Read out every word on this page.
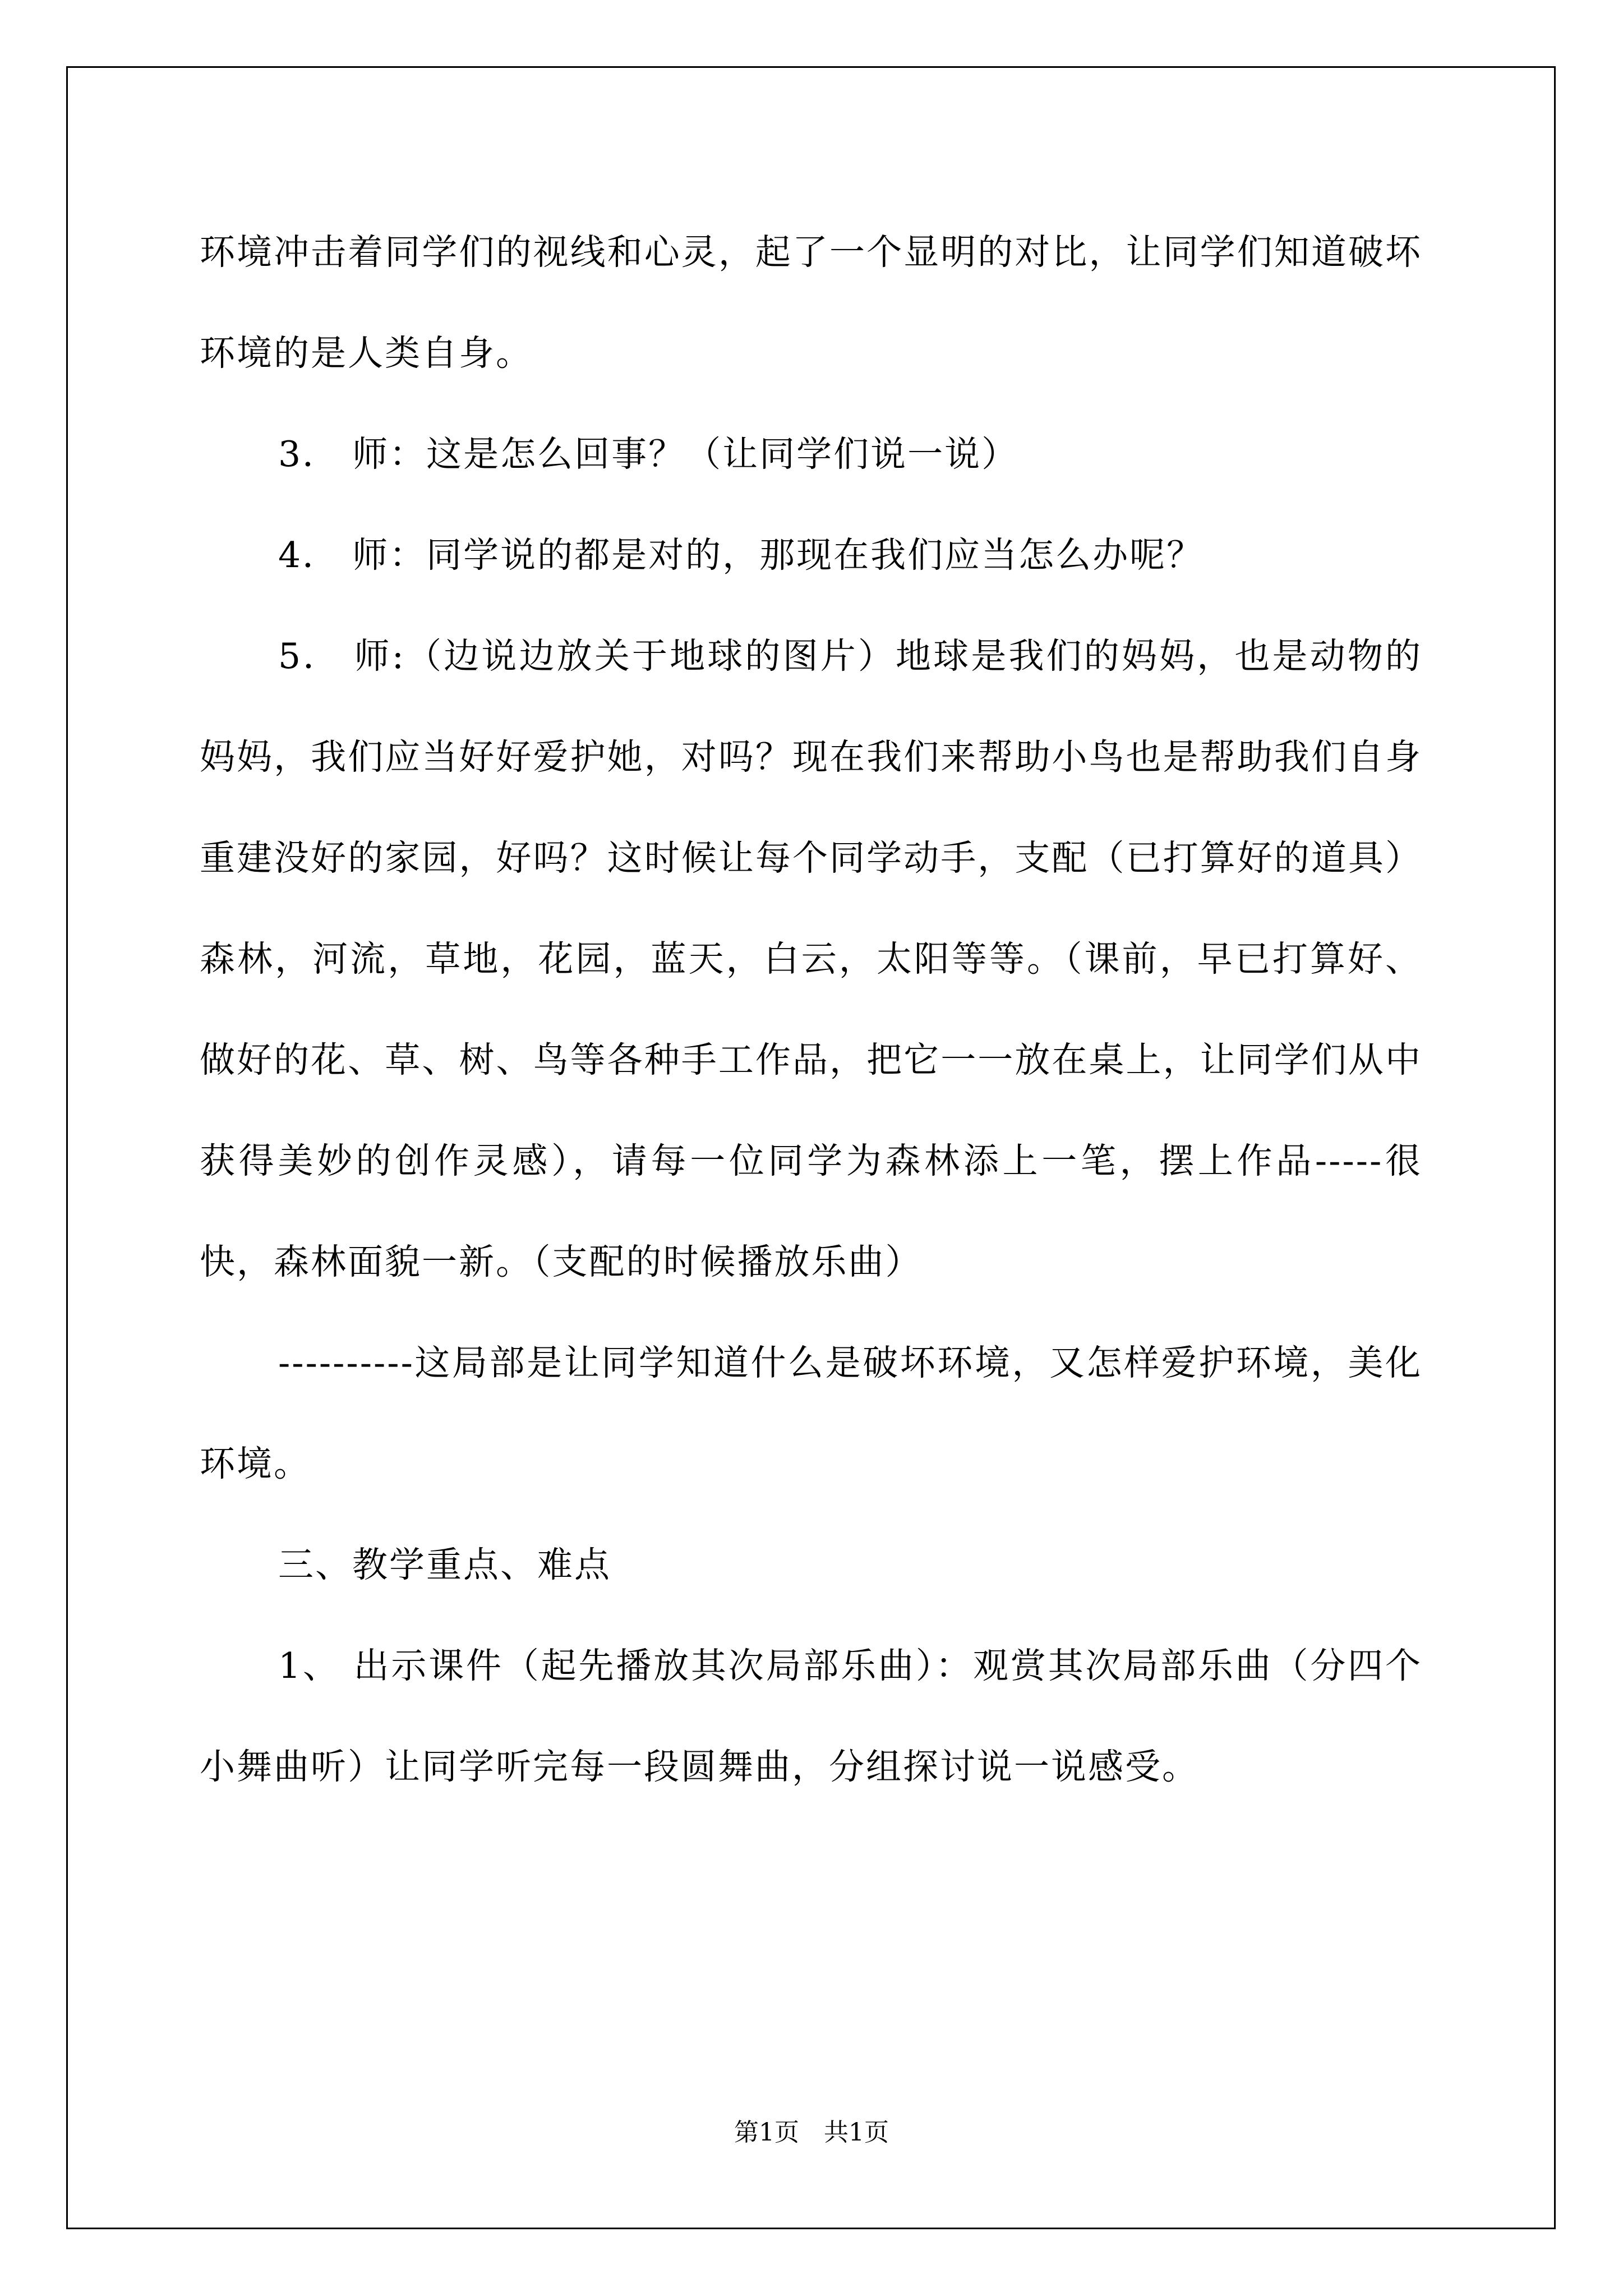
环境冲击着同学们的视线和心灵，起了一个显明的对比，让同学们知道破坏环境的是人类自身。

3． 师：这是怎么回事？（让同学们说一说）

4． 师：同学说的都是对的，那现在我们应当怎么办呢？

5． 师:（边说边放关于地球的图片）地球是我们的妈妈，也是动物的妈妈，我们应当好好爱护她，对吗？现在我们来帮助小鸟也是帮助我们自身重建没好的家园，好吗？这时候让每个同学动手，支配（已打算好的道具）森林，河流，草地，花园，蓝天，白云，太阳等等。（课前，早已打算好、做好的花、草、树、鸟等各种手工作品，把它一一放在桌上，让同学们从中获得美妙的创作灵感），请每一位同学为森林添上一笔，摆上作品-----很快，森林面貌一新。（支配的时候播放乐曲）

----------这局部是让同学知道什么是破坏环境，又怎样爱护环境，美化环境。

三、教学重点、难点

1、 出示课件（起先播放其次局部乐曲）：观赏其次局部乐曲（分四个小舞曲听）让同学听完每一段圆舞曲，分组探讨说一说感受。

第1页　共1页
